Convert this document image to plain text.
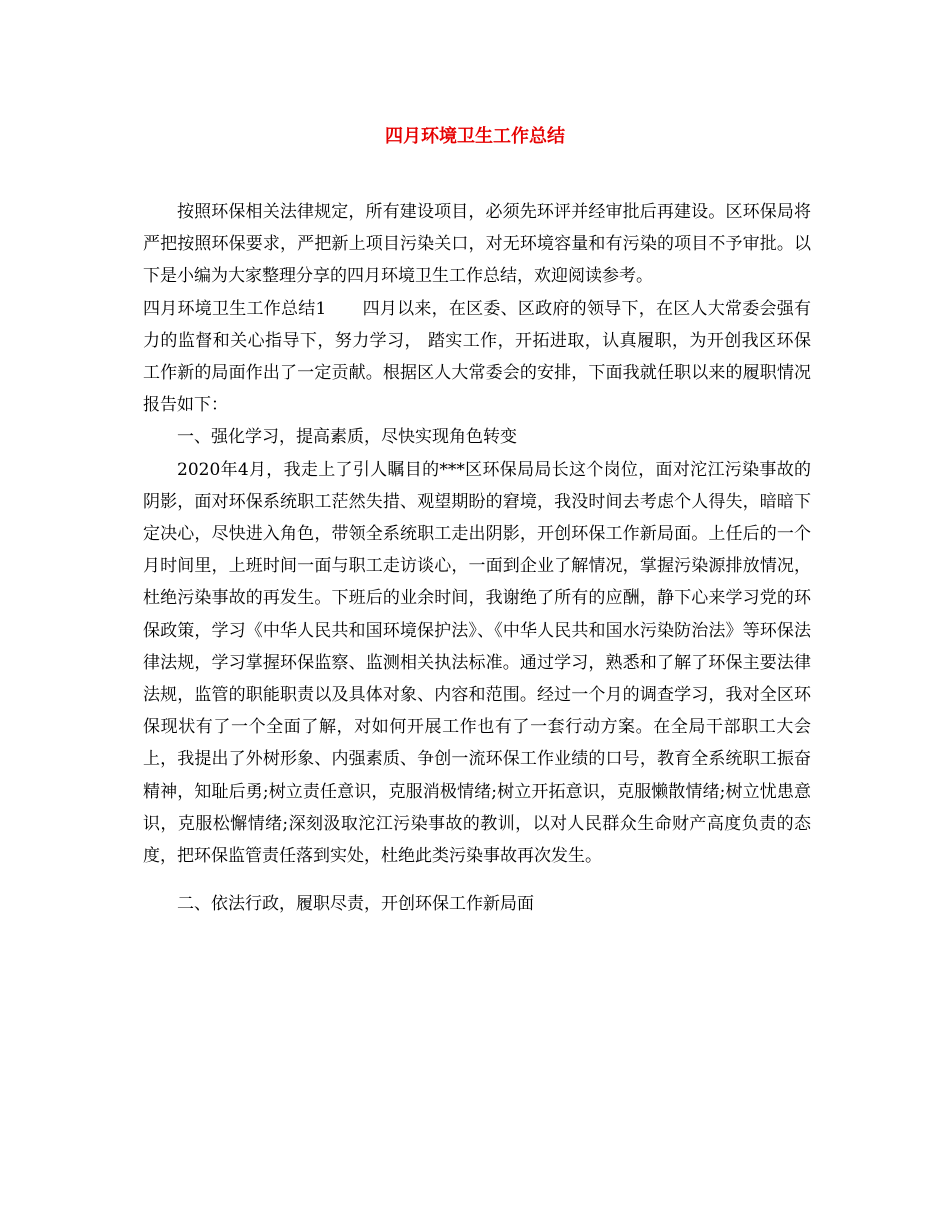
四月环境卫生工作总结

按照环保相关法律规定，所有建设项目，必须先环评并经审批后再建设。区环保局将严把按照环保要求，严把新上项目污染关口，对无环境容量和有污染的项目不予审批。以下是小编为大家整理分享的四月环境卫生工作总结，欢迎阅读参考。

四月环境卫生工作总结1 四月以来，在区委、区政府的领导下，在区人大常委会强有力的监督和关心指导下，努力学习， 踏实工作，开拓进取，认真履职，为开创我区环保工作新的局面作出了一定贡献。根据区人大常委会的安排，下面我就任职以来的履职情况报告如下：

一、强化学习，提高素质，尽快实现角色转变

2020年4月，我走上了引人瞩目的***区环保局局长这个岗位，面对沱江污染事故的阴影，面对环保系统职工茫然失措、观望期盼的窘境，我没时间去考虑个人得失，暗暗下定决心，尽快进入角色，带领全系统职工走出阴影，开创环保工作新局面。上任后的一个月时间里，上班时间一面与职工走访谈心，一面到企业了解情况，掌握污染源排放情况，杜绝污染事故的再发生。下班后的业余时间，我谢绝了所有的应酬，静下心来学习党的环保政策，学习《中华人民共和国环境保护法》、《中华人民共和国水污染防治法》等环保法律法规，学习掌握环保监察、监测相关执法标准。通过学习，熟悉和了解了环保主要法律法规，监管的职能职责以及具体对象、内容和范围。经过一个月的调查学习，我对全区环保现状有了一个全面了解，对如何开展工作也有了一套行动方案。在全局干部职工大会上，我提出了外树形象、内强素质、争创一流环保工作业绩的口号，教育全系统职工振奋精神，知耻后勇;树立责任意识，克服消极情绪;树立开拓意识，克服懒散情绪;树立忧患意识，克服松懈情绪;深刻汲取沱江污染事故的教训，以对人民群众生命财产高度负责的态度，把环保监管责任落到实处，杜绝此类污染事故再次发生。

二、依法行政，履职尽责，开创环保工作新局面
